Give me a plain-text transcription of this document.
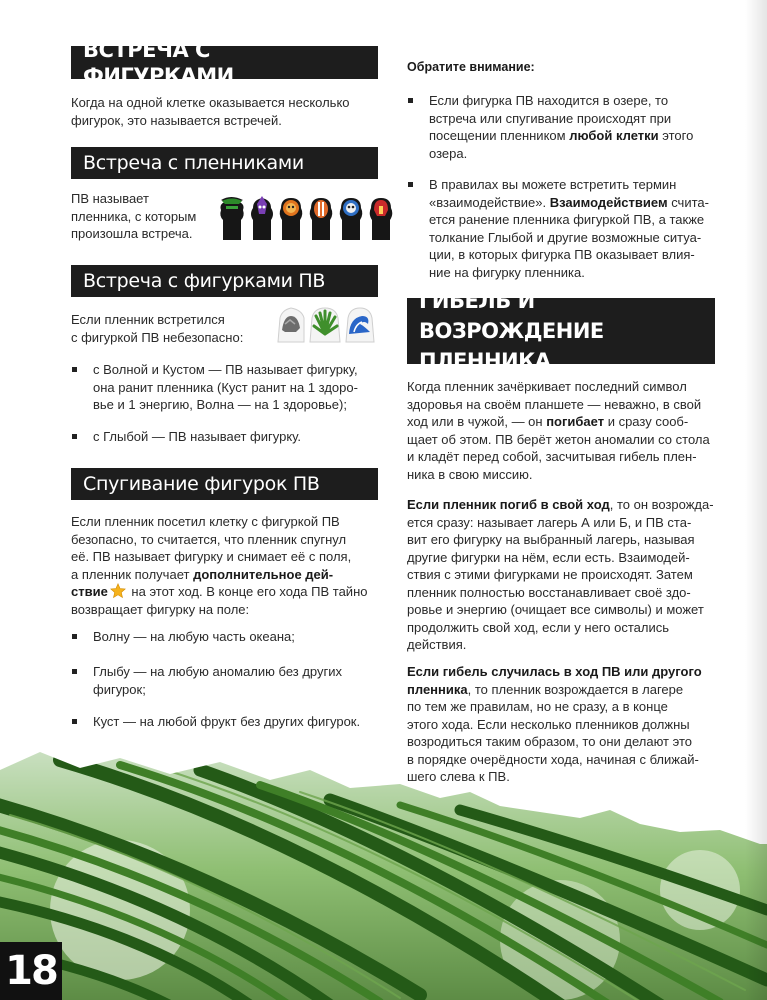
ВСТРЕЧА С ФИГУРКАМИ
Когда на одной клетке оказывается несколько фигурок, это называется встречей.
Встреча с пленниками
ПВ называет
пленника, с которым
произошла встреча.
Встреча с фигурками ПВ
Если пленник встретился
с фигуркой ПВ небезопасно:
с Волной и Кустом — ПВ называет фигурку,
она ранит пленника (Куст ранит на 1 здоро-
вье и 1 энергию, Волна — на 1 здоровье);
с Глыбой — ПВ называет фигурку.
Спугивание фигурок ПВ
Если пленник посетил клетку с фигуркой ПВ
безопасно, то считается, что пленник спугнул
её. ПВ называет фигурку и снимает её с поля,
а пленник получает дополнительное дей-
ствие на этот ход. В конце его хода ПВ тайно
возвращает фигурку на поле:
Волну — на любую часть океана;
Глыбу — на любую аномалию без других
фигурок;
Куст — на любой фрукт без других фигурок.
Обратите внимание:
Если фигурка ПВ находится в озере, то
встреча или спугивание происходят при
посещении пленником любой клетки этого
озера.
В правилах вы можете встретить термин
«взаимодействие». Взаимодействием счита-
ется ранение пленника фигуркой ПВ, а также
толкание Глыбой и другие возможные ситуа-
ции, в которых фигурка ПВ оказывает влия-
ние на фигурку пленника.
ГИБЕЛЬ И ВОЗРОЖДЕНИЕ
ПЛЕННИКА
Когда пленник зачёркивает последний символ
здоровья на своём планшете — неважно, в свой
ход или в чужой, — он погибает и сразу сооб-
щает об этом. ПВ берёт жетон аномалии со стола
и кладёт перед собой, засчитывая гибель плен-
ника в свою миссию.
Если пленник погиб в свой ход, то он возрожда-
ется сразу: называет лагерь А или Б, и ПВ ста-
вит его фигурку на выбранный лагерь, называя
другие фигурки на нём, если есть. Взаимодей-
ствия с этими фигурками не происходят. Затем
пленник полностью восстанавливает своё здо-
ровье и энергию (очищает все символы) и может
продолжить свой ход, если у него остались
действия.
Если гибель случилась в ход ПВ или другого
пленника, то пленник возрождается в лагере
по тем же правилам, но не сразу, а в конце
этого хода. Если несколько пленников должны
возродиться таким образом, то они делают это
в порядке очерёдности хода, начиная с ближай-
шего слева к ПВ.
18
